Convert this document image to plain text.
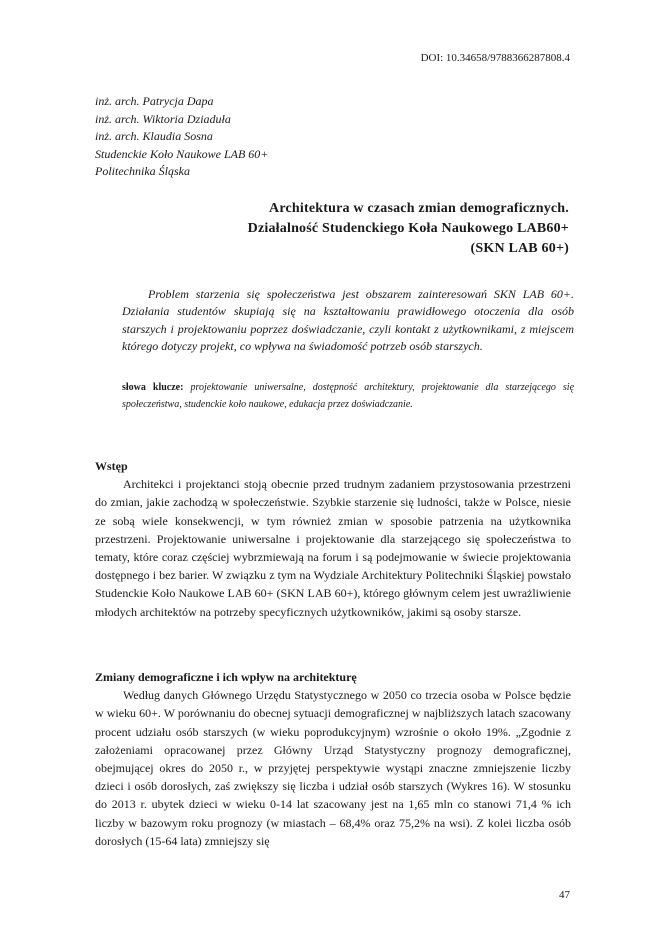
DOI: 10.34658/9788366287808.4
inż. arch. Patrycja Dapa
inż. arch. Wiktoria Dziaduła
inż. arch. Klaudia Sosna
Studenckie Koło Naukowe LAB 60+
Politechnika Śląska
Architektura w czasach zmian demograficznych.
Działalność Studenckiego Koła Naukowego LAB60+
(SKN LAB 60+)

Problem starzenia się społeczeństwa jest obszarem zainteresowań SKN LAB 60+. Działania studentów skupiają się na kształtowaniu prawidłowego otoczenia dla osób starszych i projektowaniu poprzez doświadczanie, czyli kontakt z użytkownikami, z miejscem którego dotyczy projekt, co wpływa na świadomość potrzeb osób starszych.

słowa klucze: projektowanie uniwersalne, dostępność architektury, projektowanie dla starzejącego się społeczeństwa, studenckie koło naukowe, edukacja przez doświadczanie.
Wstęp

Architekci i projektanci stoją obecnie przed trudnym zadaniem przystosowania przestrzeni do zmian, jakie zachodzą w społeczeństwie. Szybkie starzenie się ludności, także w Polsce, niesie ze sobą wiele konsekwencji, w tym również zmian w sposobie patrzenia na użytkownika przestrzeni. Projektowanie uniwersalne i projektowanie dla starzejącego się społeczeństwa to tematy, które coraz częściej wybrzmiewają na forum i są podejmowanie w świecie projektowania dostępnego i bez barier. W związku z tym na Wydziale Architektury Politechniki Śląskiej powstało Studenckie Koło Naukowe LAB 60+ (SKN LAB 60+), którego głównym celem jest uwrażliwienie młodych architektów na potrzeby specyficznych użytkowników, jakimi są osoby starsze.

Zmiany demograficzne i ich wpływ na architekturę

Według danych Głównego Urzędu Statystycznego w 2050 co trzecia osoba w Polsce będzie w wieku 60+. W porównaniu do obecnej sytuacji demograficznej w najbliższych latach szacowany procent udziału osób starszych (w wieku poprodukcyjnym) wzrośnie o około 19%. „Zgodnie z założeniami opracowanej przez Główny Urząd Statystyczny prognozy demograficznej, obejmującej okres do 2050 r., w przyjętej perspektywie wystąpi znaczne zmniejszenie liczby dzieci i osób dorosłych, zaś zwiększy się liczba i udział osób starszych (Wykres 16). W stosunku do 2013 r. ubytek dzieci w wieku 0-14 lat szacowany jest na 1,65 mln co stanowi 71,4 % ich liczby w bazowym roku prognozy (w miastach – 68,4% oraz 75,2% na wsi). Z kolei liczba osób dorosłych (15-64 lata) zmniejszy się

47
